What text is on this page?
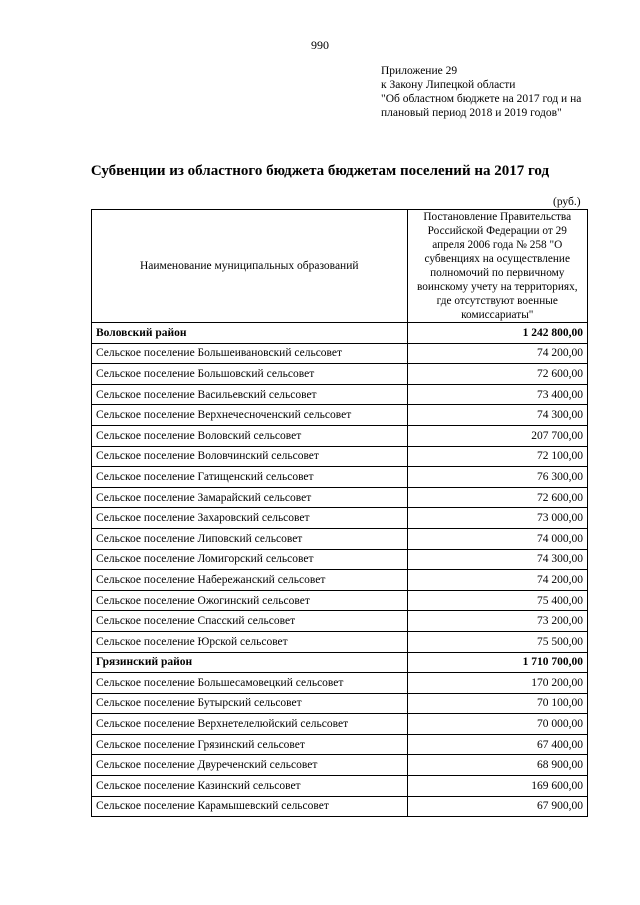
990
Приложение 29
к Закону Липецкой области
"Об областном бюджете на 2017 год и на
плановый период 2018 и 2019 годов"
Субвенции из областного бюджета бюджетам поселений на 2017 год
(руб.)
Наименование муниципальных образований	Постановление Правительства Российской Федерации от 29 апреля 2006 года № 258 "О субвенциях на осуществление полномочий по первичному воинскому учету на территориях, где отсутствуют военные комиссариаты"
Воловский район	1 242 800,00
Сельское поселение Большеивановский сельсовет	74 200,00
Сельское поселение Большовский сельсовет	72 600,00
Сельское поселение Васильевский сельсовет	73 400,00
Сельское поселение Верхнечесноченский сельсовет	74 300,00
Сельское поселение Воловский сельсовет	207 700,00
Сельское поселение Воловчинский сельсовет	72 100,00
Сельское поселение Гатищенский сельсовет	76 300,00
Сельское поселение Замарайский сельсовет	72 600,00
Сельское поселение Захаровский сельсовет	73 000,00
Сельское поселение Липовский сельсовет	74 000,00
Сельское поселение Ломигорский сельсовет	74 300,00
Сельское поселение Набережанский сельсовет	74 200,00
Сельское поселение Ожогинский сельсовет	75 400,00
Сельское поселение Спасский сельсовет	73 200,00
Сельское поселение Юрской сельсовет	75 500,00
Грязинский район	1 710 700,00
Сельское поселение Большесамовецкий сельсовет	170 200,00
Сельское поселение Бутырский сельсовет	70 100,00
Сельское поселение Верхнетелелюйский сельсовет	70 000,00
Сельское поселение Грязинский сельсовет	67 400,00
Сельское поселение Двуреченский сельсовет	68 900,00
Сельское поселение Казинский сельсовет	169 600,00
Сельское поселение Карамышевский сельсовет	67 900,00
